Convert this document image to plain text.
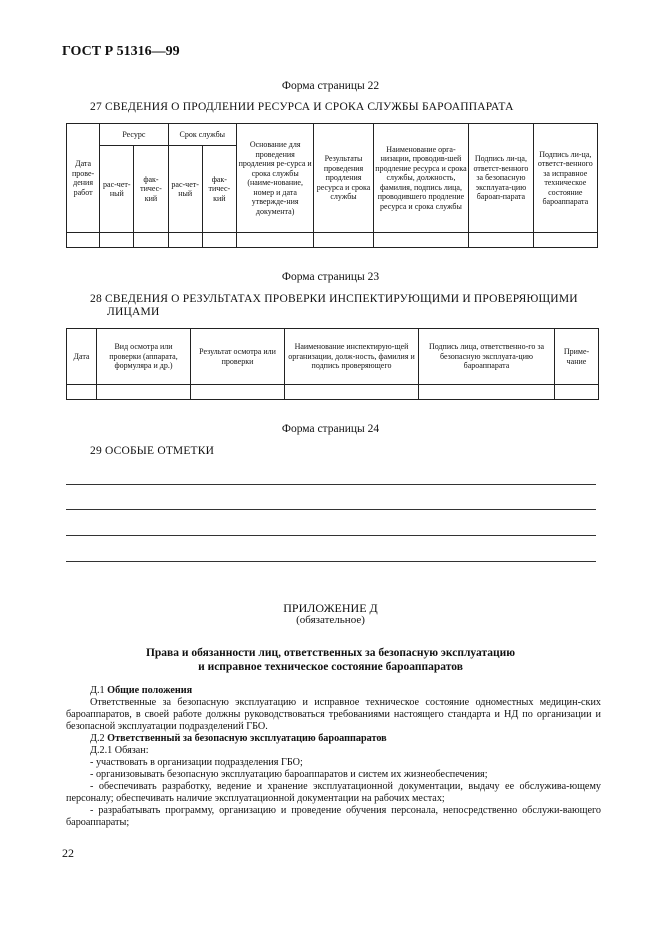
ГОСТ Р 51316—99
Форма страницы 22
27 СВЕДЕНИЯ О ПРОДЛЕНИИ РЕСУРСА И СРОКА СЛУЖБЫ БАРОАППАРАТА
Дата прове-дения работ	Ресурс		Срок службы		Основание для проведения продления ре-сурса и срока службы (наиме-нование, номер и дата утвержде-ния документа)	Результаты проведения продления ресурса и срока службы	Наименование орга-низации, проводив-шей продление ресурса и срока службы, должность, фамилия, подпись лица, проводившего продление ресурса и срока службы	Подпись ли-ца, ответст-венного за безопасную эксплуата-цию бароап-парата	Подпись ли-ца, ответст-венного за исправное техническое состояние бароаппарата
	рас-чет-ный	фак-тичес-кий	рас-чет-ный	фак-тичес-кий					

Форма страницы 23
28 СВЕДЕНИЯ О РЕЗУЛЬТАТАХ ПРОВЕРКИ ИНСПЕКТИРУЮЩИМИ И ПРОВЕРЯЮЩИМИ
ЛИЦАМИ
Дата	Вид осмотра или проверки (аппарата, формуляра и др.)	Результат осмотра или проверки	Наименование инспектирую-щей организации, долж-ность, фамилия и подпись проверяющего	Подпись лица, ответственно-го за безопасную эксплуата-цию бароаппарата	Приме-чание

Форма страницы 24
29 ОСОБЫЕ ОТМЕТКИ
ПРИЛОЖЕНИЕ Д
(обязательное)
Права и обязанности лиц, ответственных за безопасную эксплуатацию
и исправное техническое состояние бароаппаратов
Д.1 Общие положения
Ответственные за безопасную эксплуатацию и исправное техническое состояние одноместных медицин-ских бароаппаратов, в своей работе должны руководствоваться требованиями настоящего стандарта и НД по организации и безопасной эксплуатации подразделений ГБО.
Д.2 Ответственный за безопасную эксплуатацию бароаппаратов
Д.2.1 Обязан:
- участвовать в организации подразделения ГБО;
- организовывать безопасную эксплуатацию бароаппаратов и систем их жизнеобеспечения;
- обеспечивать разработку, ведение и хранение эксплуатационной документации, выдачу ее обслужива-ющему персоналу; обеспечивать наличие эксплуатационной документации на рабочих местах;
- разрабатывать программу, организацию и проведение обучения персонала, непосредственно обслужи-вающего бароаппараты;
22
